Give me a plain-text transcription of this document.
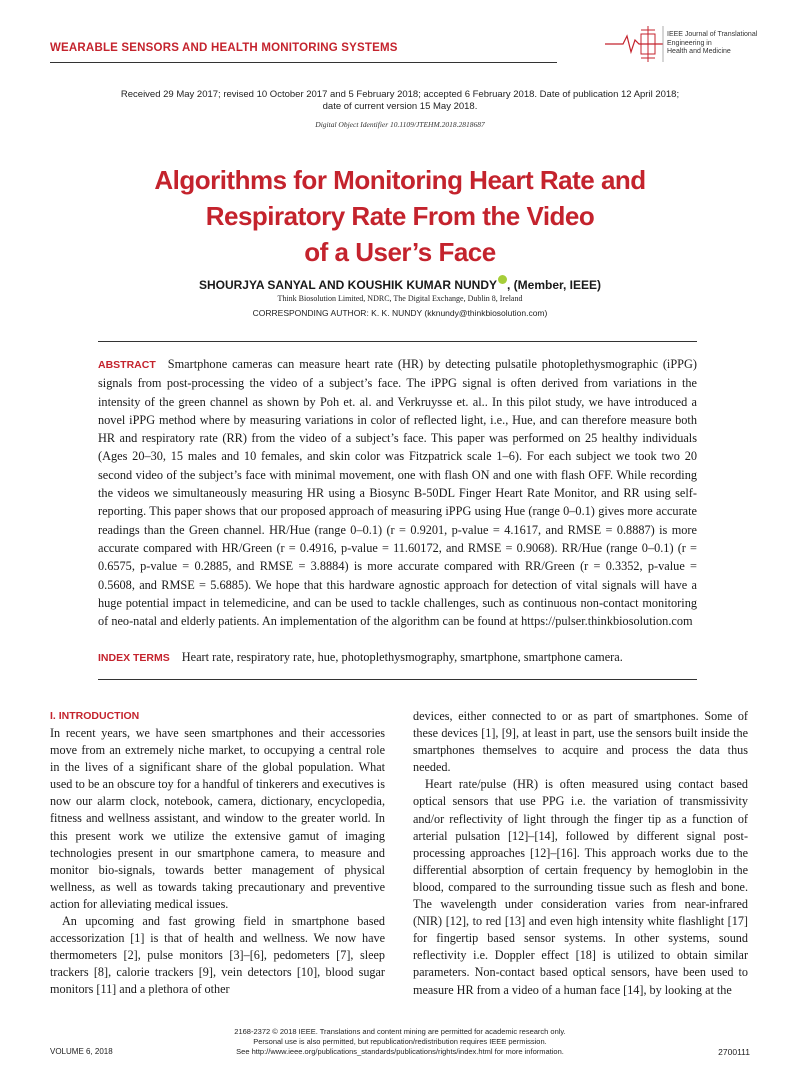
WEARABLE SENSORS AND HEALTH MONITORING SYSTEMS
IEEE Journal of Translational
Engineering in
Health and Medicine
Received 29 May 2017; revised 10 October 2017 and 5 February 2018; accepted 6 February 2018. Date of publication 12 April 2018;
date of current version 15 May 2018.
Digital Object Identifier 10.1109/JTEHM.2018.2818687
Algorithms for Monitoring Heart Rate and
Respiratory Rate From the Video
of a User’s Face
SHOURJYA SANYAL AND KOUSHIK KUMAR NUNDY , (Member, IEEE)
Think Biosolution Limited, NDRC, The Digital Exchange, Dublin 8, Ireland
CORRESPONDING AUTHOR: K. K. NUNDY (kknundy@thinkbiosolution.com)
ABSTRACT Smartphone cameras can measure heart rate (HR) by detecting pulsatile photoplethysmographic (iPPG) signals from post-processing the video of a subject’s face. The iPPG signal is often derived from variations in the intensity of the green channel as shown by Poh et. al. and Verkruysse et. al.. In this pilot study, we have introduced a novel iPPG method where by measuring variations in color of reflected light, i.e., Hue, and can therefore measure both HR and respiratory rate (RR) from the video of a subject’s face. This paper was performed on 25 healthy individuals (Ages 20–30, 15 males and 10 females, and skin color was Fitzpatrick scale 1–6). For each subject we took two 20 second video of the subject’s face with minimal movement, one with flash ON and one with flash OFF. While recording the videos we simultaneously measuring HR using a Biosync B-50DL Finger Heart Rate Monitor, and RR using self-reporting. This paper shows that our proposed approach of measuring iPPG using Hue (range 0–0.1) gives more accurate readings than the Green channel. HR/Hue (range 0–0.1) (r = 0.9201, p-value = 4.1617, and RMSE = 0.8887) is more accurate compared with HR/Green (r = 0.4916, p-value = 11.60172, and RMSE = 0.9068). RR/Hue (range 0–0.1) (r = 0.6575, p-value = 0.2885, and RMSE = 3.8884) is more accurate compared with RR/Green (r = 0.3352, p-value = 0.5608, and RMSE = 5.6885). We hope that this hardware agnostic approach for detection of vital signals will have a huge potential impact in telemedicine, and can be used to tackle challenges, such as continuous non-contact monitoring of neo-natal and elderly patients. An implementation of the algorithm can be found at https://pulser.thinkbiosolution.com
INDEX TERMS Heart rate, respiratory rate, hue, photoplethysmography, smartphone, smartphone camera.
I. INTRODUCTION

In recent years, we have seen smartphones and their accessories move from an extremely niche market, to occupying a central role in the lives of a significant share of the global population. What used to be an obscure toy for a handful of tinkerers and executives is now our alarm clock, notebook, camera, dictionary, encyclopedia, fitness and wellness assistant, and window to the greater world. In this present work we utilize the extensive gamut of imaging technologies present in our smartphone camera, to measure and monitor bio-signals, towards better management of physical wellness, as well as towards taking precautionary and preventive action for alleviating medical issues.

An upcoming and fast growing field in smartphone based accessorization [1] is that of health and wellness. We now have thermometers [2], pulse monitors [3]–[6], pedometers [7], sleep trackers [8], calorie trackers [9], vein detectors [10], blood sugar monitors [11] and a plethora of other

devices, either connected to or as part of smartphones. Some of these devices [1], [9], at least in part, use the sensors built inside the smartphones themselves to acquire and process the data thus needed.

Heart rate/pulse (HR) is often measured using contact based optical sensors that use PPG i.e. the variation of transmissivity and/or reflectivity of light through the finger tip as a function of arterial pulsation [12]–[14], followed by different signal post-processing approaches [12]–[16]. This approach works due to the differential absorption of certain frequency by hemoglobin in the blood, compared to the surrounding tissue such as flesh and bone. The wavelength under consideration varies from near-infrared (NIR) [12], to red [13] and even high intensity white flashlight [17] for fingertip based sensor systems. In other systems, sound reflectivity i.e. Doppler effect [18] is utilized to obtain similar parameters. Non-contact based optical sensors, have been used to measure HR from a video of a human face [14], by looking at the

2168-2372 © 2018 IEEE. Translations and content mining are permitted for academic research only.
Personal use is also permitted, but republication/redistribution requires IEEE permission.
See http://www.ieee.org/publications_standards/publications/rights/index.html for more information.
VOLUME 6, 2018	2700111
